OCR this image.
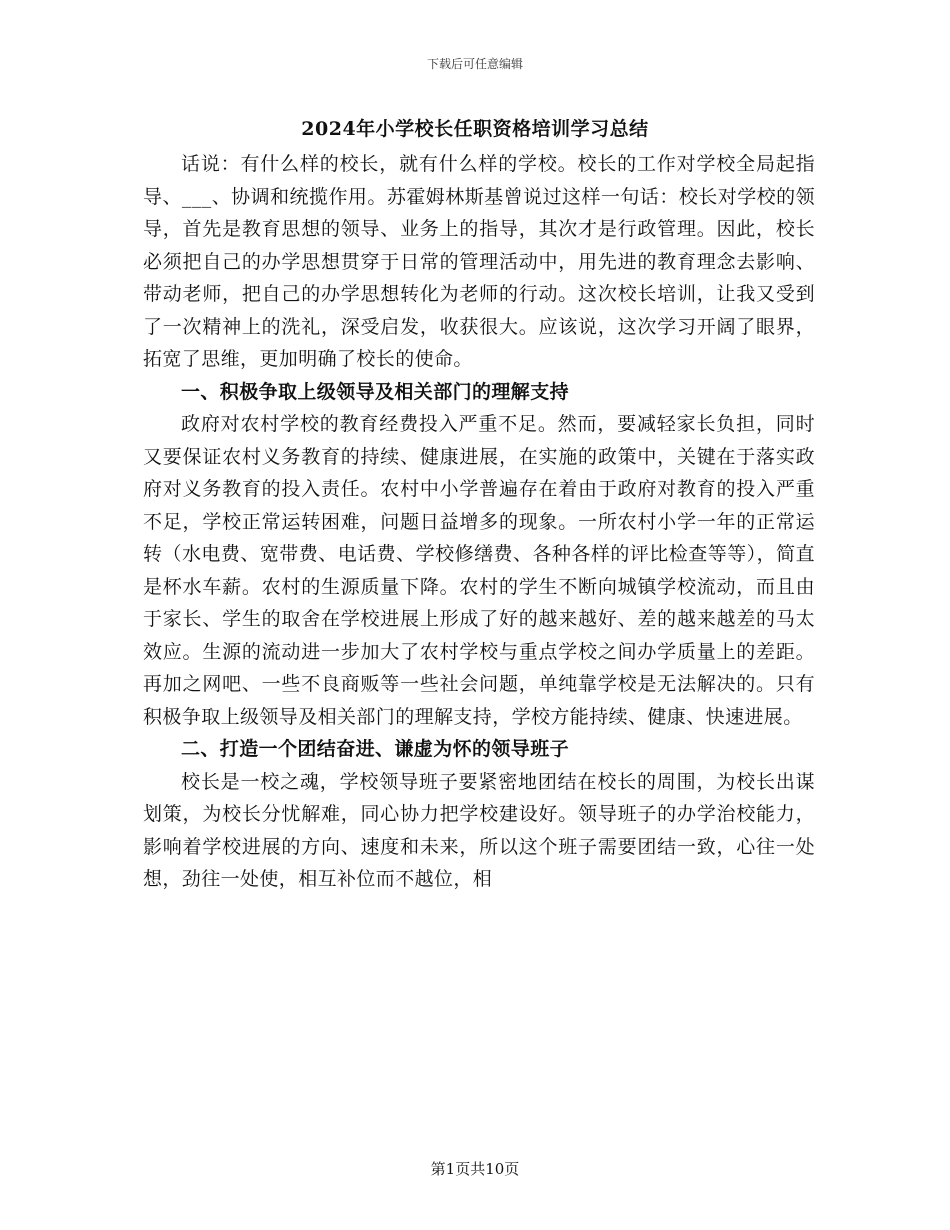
下载后可任意编辑
2024年小学校长任职资格培训学习总结

话说：有什么样的校长，就有什么样的学校。校长的工作对学校全局起指导、___、协调和统揽作用。苏霍姆林斯基曾说过这样一句话：校长对学校的领导，首先是教育思想的领导、业务上的指导，其次才是行政管理。因此，校长必须把自己的办学思想贯穿于日常的管理活动中，用先进的教育理念去影响、带动老师，把自己的办学思想转化为老师的行动。这次校长培训，让我又受到了一次精神上的洗礼，深受启发，收获很大。应该说，这次学习开阔了眼界，拓宽了思维，更加明确了校长的使命。

一、积极争取上级领导及相关部门的理解支持

政府对农村学校的教育经费投入严重不足。然而，要减轻家长负担，同时又要保证农村义务教育的持续、健康进展，在实施的政策中，关键在于落实政府对义务教育的投入责任。农村中小学普遍存在着由于政府对教育的投入严重不足，学校正常运转困难，问题日益增多的现象。一所农村小学一年的正常运转（水电费、宽带费、电话费、学校修缮费、各种各样的评比检查等等），简直是杯水车薪。农村的生源质量下降。农村的学生不断向城镇学校流动，而且由于家长、学生的取舍在学校进展上形成了好的越来越好、差的越来越差的马太效应。生源的流动进一步加大了农村学校与重点学校之间办学质量上的差距。再加之网吧、一些不良商贩等一些社会问题，单纯靠学校是无法解决的。只有积极争取上级领导及相关部门的理解支持，学校方能持续、健康、快速进展。

二、打造一个团结奋进、谦虚为怀的领导班子

校长是一校之魂，学校领导班子要紧密地团结在校长的周围，为校长出谋划策，为校长分忧解难，同心协力把学校建设好。领导班子的办学治校能力，影响着学校进展的方向、速度和未来，所以这个班子需要团结一致，心往一处想，劲往一处使，相互补位而不越位，相

第1页共10页
